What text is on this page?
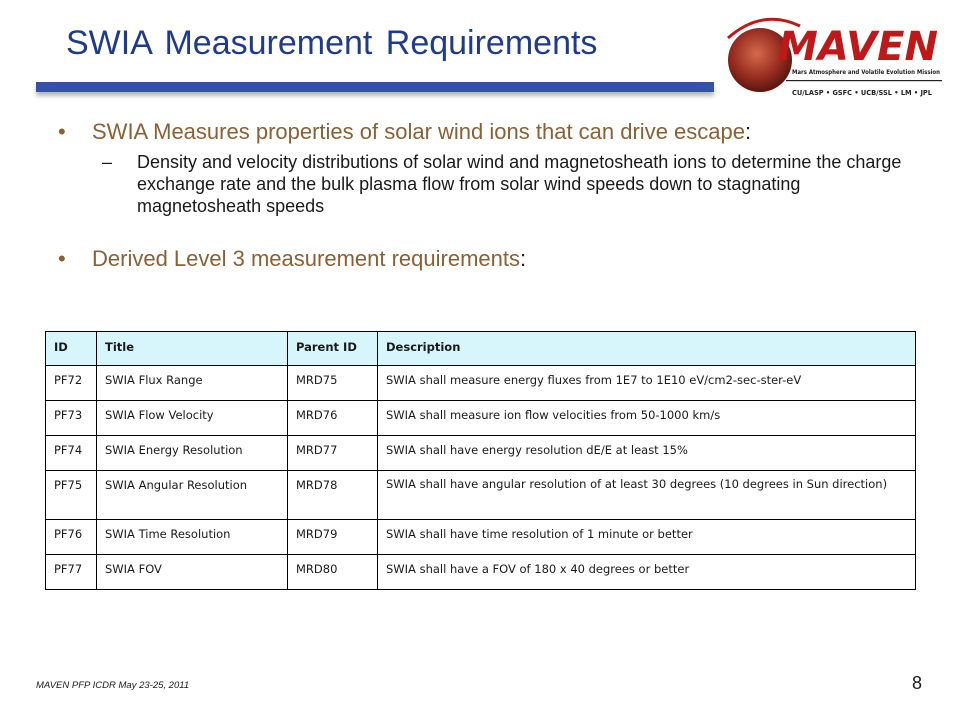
SWIA Measurement Requirements	MAVEN
Mars Atmosphere and Volatile Evolution Mission
CU/LASP • GSFC • UCB/SSL • LM • JPL
• SWIA Measures properties of solar wind ions that can drive escape:
– Density and velocity distributions of solar wind and magnetosheath ions to determine the charge exchange rate and the bulk plasma flow from solar wind speeds down to stagnating magnetosheath speeds
• Derived Level 3 measurement requirements:
ID	Title	Parent ID	Description
PF72	SWIA Flux Range	MRD75	SWIA shall measure energy fluxes from 1E7 to 1E10 eV/cm2-sec-ster-eV
PF73	SWIA Flow Velocity	MRD76	SWIA shall measure ion flow velocities from 50-1000 km/s
PF74	SWIA Energy Resolution	MRD77	SWIA shall have energy resolution dE/E at least 15%
PF75	SWIA Angular Resolution	MRD78	SWIA shall have angular resolution of at least 30 degrees (10 degrees in Sun direction)
PF76	SWIA Time Resolution	MRD79	SWIA shall have time resolution of 1 minute or better
PF77	SWIA FOV	MRD80	SWIA shall have a FOV of 180 x 40 degrees or better
MAVEN PFP ICDR May 23-25, 2011	8
